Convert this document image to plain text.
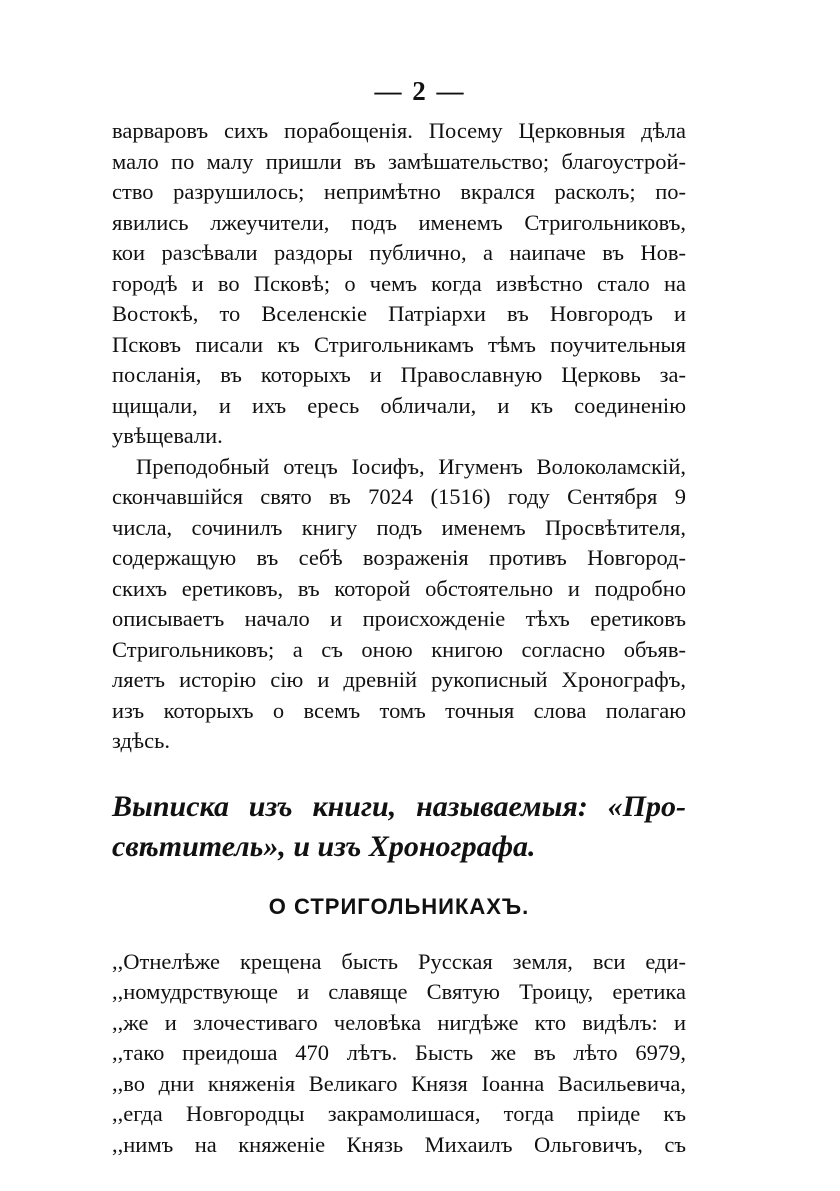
— 2 —
варваровъ сихъ порабощенія. Посему Церковныя дѣла
мало по малу пришли въ замѣшательство; благоустрой-
ство разрушилось; непримѣтно вкрался расколъ; по-
явились лжеучители, подъ именемъ Стригольниковъ,
кои разсѣвали раздоры публично, а наипаче въ Нов-
городѣ и во Псковѣ; о чемъ когда извѣстно стало на
Востокѣ, то Вселенскіе Патріархи въ Новгородъ и
Псковъ писали къ Стригольникамъ тѣмъ поучительныя
посланія, въ которыхъ и Православную Церковь за-
щищали, и ихъ ересь обличали, и къ соединенію
увѣщевали.
Преподобный отецъ Іосифъ, Игуменъ Волоколамскій,
скончавшійся свято въ 7024 (1516) году Сентября 9
числа, сочинилъ книгу подъ именемъ Просвѣтителя,
содержащую въ себѣ возраженія противъ Новгород-
скихъ еретиковъ, въ которой обстоятельно и подробно
описываетъ начало и происхожденіе тѣхъ еретиковъ
Стригольниковъ; а съ оною книгою согласно объяв-
ляетъ исторію сію и древній рукописный Хронографъ,
изъ которыхъ о всемъ томъ точныя слова полагаю
здѣсь.
Выписка изъ книги, называемыя: «Про-
свѣтитель», и изъ Хронографа.
О СТРИГОЛЬНИКАХЪ.
,,Отнелѣже крещена бысть Русская земля, вси еди-
,,номудрствующе и славяще Святую Троицу, еретика
,,же и злочестиваго человѣка нигдѣже кто видѣлъ: и
,,тако преидоша 470 лѣтъ. Бысть же въ лѣто 6979,
,,во дни княженія Великаго Князя Іоанна Васильевича,
,,егда Новгородцы закрамолишася, тогда пріиде къ
,,нимъ на княженіе Князь Михаилъ Ольговичъ, съ
